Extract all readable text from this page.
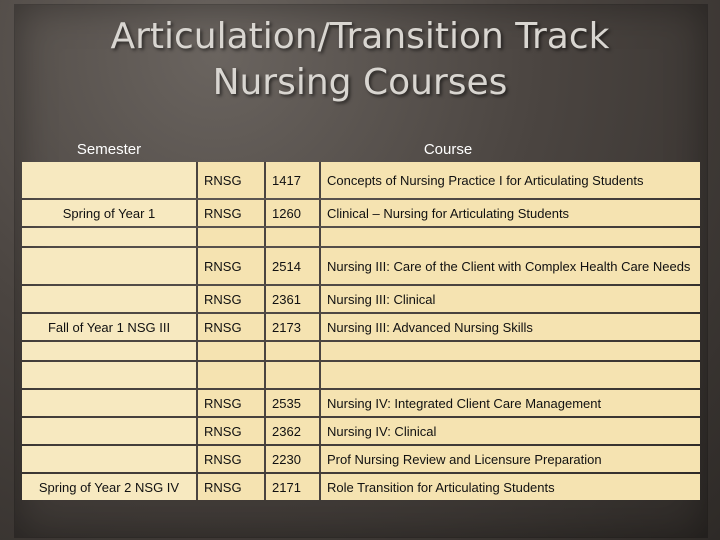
Articulation/Transition Track
Nursing Courses
Semester	Course		
	RNSG	1417	Concepts of Nursing Practice I for Articulating Students
Spring of Year 1	RNSG	1260	Clinical – Nursing for Articulating Students

	RNSG	2514	Nursing III: Care of the Client with Complex Health Care Needs
	RNSG	2361	Nursing III: Clinical
Fall of Year 1 NSG III	RNSG	2173	Nursing III: Advanced Nursing Skills

	RNSG	2535	Nursing IV: Integrated Client Care Management
	RNSG	2362	Nursing IV: Clinical
	RNSG	2230	Prof Nursing Review and Licensure Preparation
Spring of Year 2 NSG IV	RNSG	2171	Role Transition for Articulating Students
